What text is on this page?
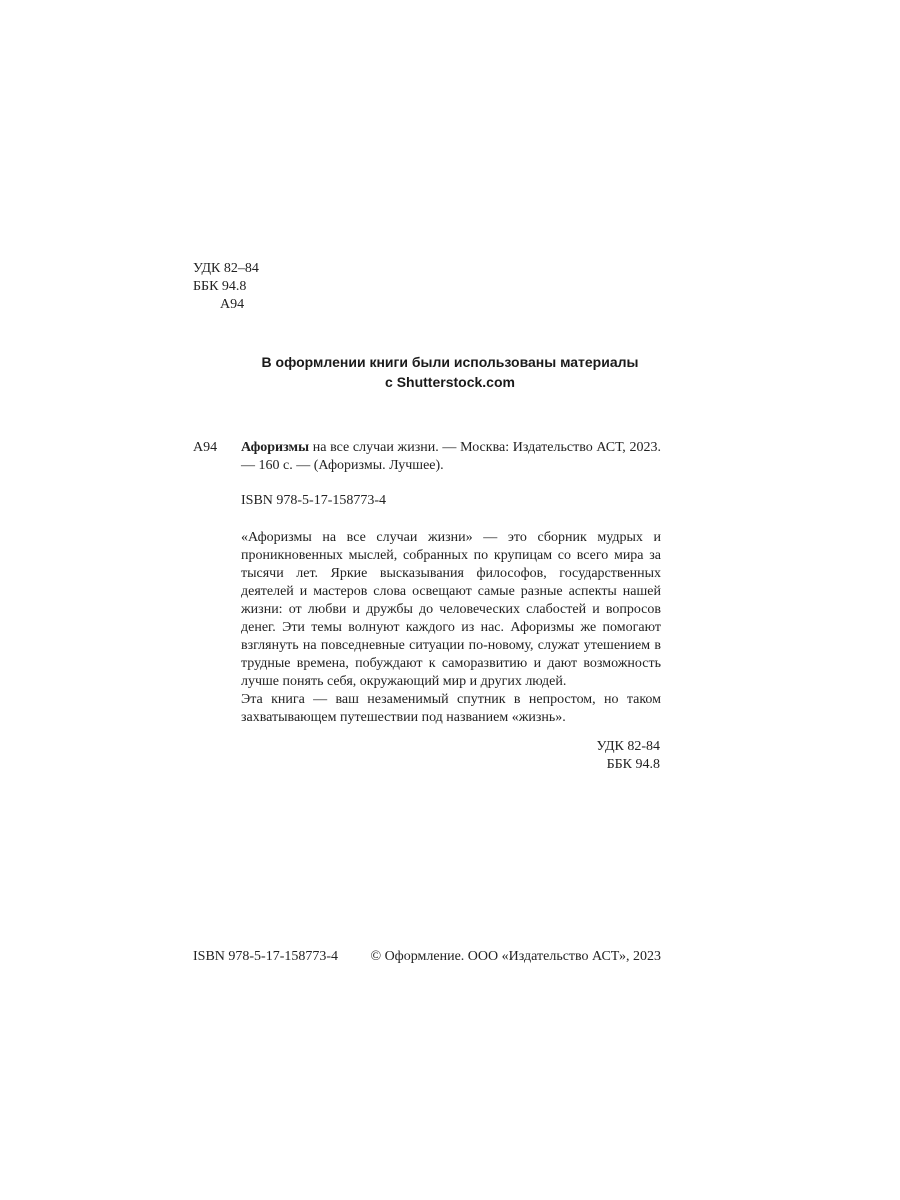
УДК 82–84
ББК 94.8
А94
В оформлении книги были использованы материалы
с Shutterstock.com
А94 Афоризмы на все случаи жизни. — Москва: Издательство АСТ, 2023. — 160 с. — (Афоризмы. Лучшее).
ISBN 978-5-17-158773-4

«Афоризмы на все случаи жизни» — это сборник мудрых и проникновенных мыслей, собранных по крупицам со всего мира за тысячи лет. Яркие высказывания философов, государственных деятелей и мастеров слова освещают самые разные аспекты нашей жизни: от любви и дружбы до человеческих слабостей и вопросов денег. Эти темы волнуют каждого из нас. Афоризмы же помогают взглянуть на повседневные ситуации по-новому, служат утешением в трудные времена, побуждают к саморазвитию и дают возможность лучше понять себя, окружающий мир и других людей.

Эта книга — ваш незаменимый спутник в непростом, но таком захватывающем путешествии под названием «жизнь».

УДК 82-84
ББК 94.8
ISBN 978-5-17-158773-4 © Оформление. ООО «Издательство АСТ», 2023
